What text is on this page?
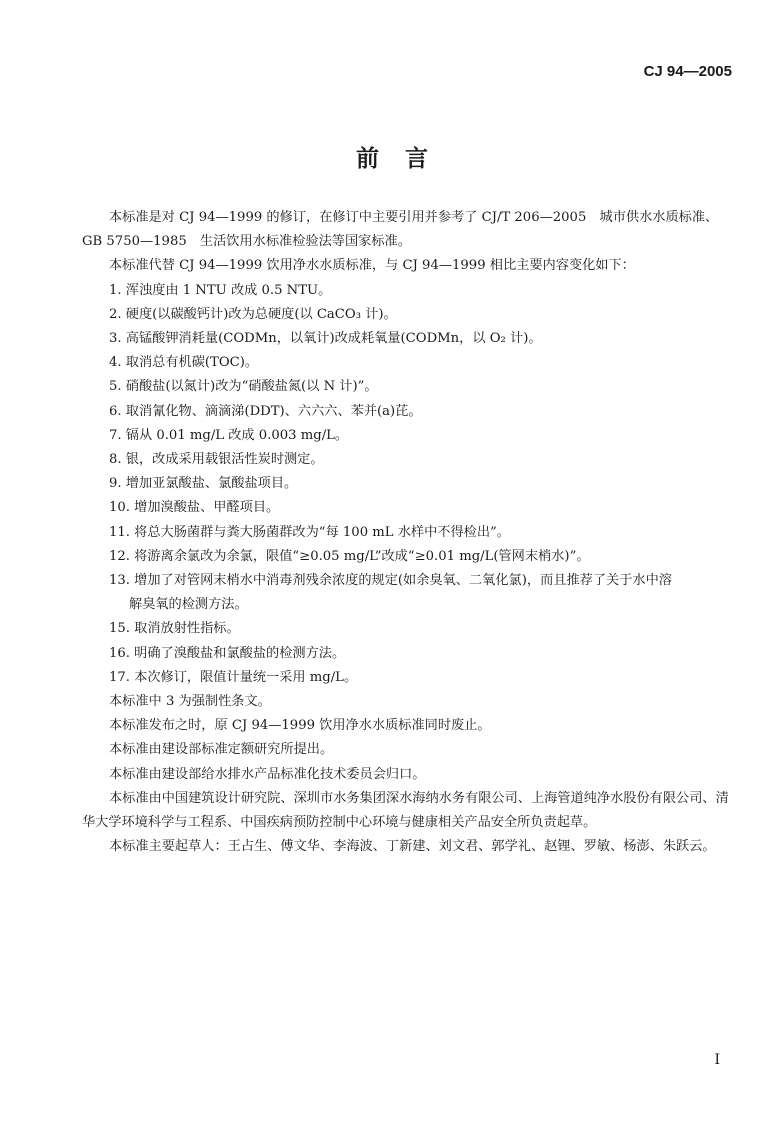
CJ 94—2005
前言

本标准是对 CJ 94—1999 的修订，在修订中主要引用并参考了 CJ/T 206—2005　城市供水水质标准、GB 5750—1985　生活饮用水标准检验法等国家标准。

本标准代替 CJ 94—1999 饮用净水水质标准，与 CJ 94—1999 相比主要内容变化如下：

1. 浑浊度由 1 NTU 改成 0.5 NTU。

2. 硬度(以碳酸钙计)改为总硬度(以 CaCO₃ 计)。

3. 高锰酸钾消耗量(CODMn，以氧计)改成耗氧量(CODMn，以 O₂ 计)。

4. 取消总有机碳(TOC)。

5. 硝酸盐(以氮计)改为“硝酸盐氮(以 N 计)”。

6. 取消氰化物、滴滴涕(DDT)、六六六、苯并(a)芘。

7. 镉从 0.01 mg/L 改成 0.003 mg/L。

8. 银，改成采用载银活性炭时测定。

9. 增加亚氯酸盐、氯酸盐项目。

10. 增加溴酸盐、甲醛项目。

11. 将总大肠菌群与粪大肠菌群改为“每 100 mL 水样中不得检出”。

12. 将游离余氯改为余氯，限值“≥0.05 mg/L”改成“≥0.01 mg/L(管网末梢水)”。

13. 增加了对管网末梢水中消毒剂残余浓度的规定(如余臭氧、二氧化氯)，而且推荐了关于水中溶

解臭氧的检测方法。

15. 取消放射性指标。

16. 明确了溴酸盐和氯酸盐的检测方法。

17. 本次修订，限值计量统一采用 mg/L。

本标准中 3 为强制性条文。

本标准发布之时，原 CJ 94—1999 饮用净水水质标准同时废止。

本标准由建设部标准定额研究所提出。

本标准由建设部给水排水产品标准化技术委员会归口。

本标准由中国建筑设计研究院、深圳市水务集团深水海纳水务有限公司、上海管道纯净水股份有限公司、清华大学环境科学与工程系、中国疾病预防控制中心环境与健康相关产品安全所负责起草。

本标准主要起草人：王占生、傅文华、李海波、丁新建、刘文君、郭学礼、赵锂、罗敏、杨澎、朱跃云。

I
